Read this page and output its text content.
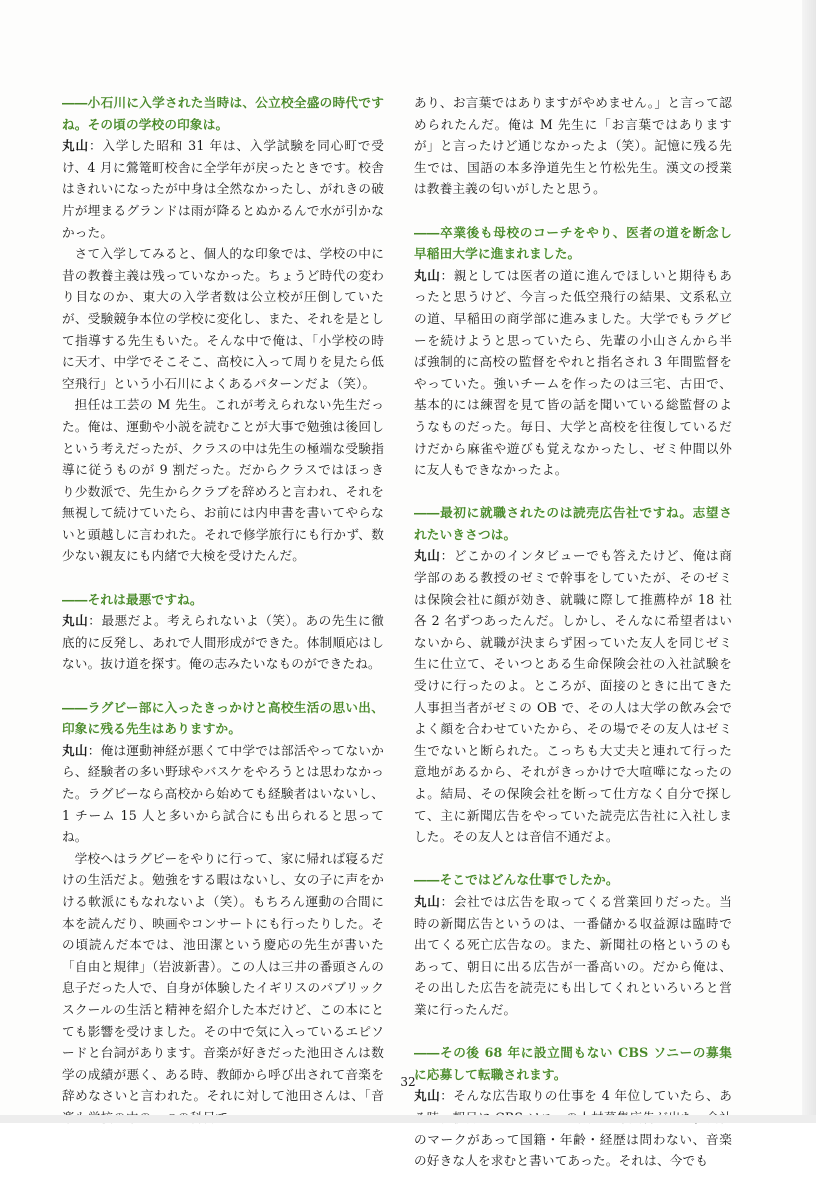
――小石川に入学された当時は、公立校全盛の時代ですね。その頃の学校の印象は。

丸山：入学した昭和 31 年は、入学試験を同心町で受け、4 月に鶯篭町校舎に全学年が戻ったときです。校舎はきれいになったが中身は全然なかったし、がれきの破片が埋まるグランドは雨が降るとぬかるんで水が引かなかった。

さて入学してみると、個人的な印象では、学校の中に昔の教養主義は残っていなかった。ちょうど時代の変わり目なのか、東大の入学者数は公立校が圧倒していたが、受験競争本位の学校に変化し、また、それを是として指導する先生もいた。そんな中で俺は、「小学校の時に天才、中学でそこそこ、高校に入って周りを見たら低空飛行」という小石川によくあるパターンだよ（笑）。

担任は工芸の M 先生。これが考えられない先生だった。俺は、運動や小説を読むことが大事で勉強は後回しという考えだったが、クラスの中は先生の極端な受験指導に従うものが 9 割だった。だからクラスではほっきり少数派で、先生からクラブを辞めろと言われ、それを無視して続けていたら、お前には内申書を書いてやらないと頭越しに言われた。それで修学旅行にも行かず、数少ない親友にも内緒で大検を受けたんだ。

――それは最悪ですね。

丸山：最悪だよ。考えられないよ（笑）。あの先生に徹底的に反発し、あれで人間形成ができた。体制順応はしない。抜け道を探す。俺の志みたいなものができたね。

――ラグビー部に入ったきっかけと高校生活の思い出、印象に残る先生はありますか。

丸山：俺は運動神経が悪くて中学では部活やってないから、経験者の多い野球やバスケをやろうとは思わなかった。ラグビーなら高校から始めても経験者はいないし、1 チーム 15 人と多いから試合にも出られると思ってね。

学校へはラグビーをやりに行って、家に帰れば寝るだけの生活だよ。勉強をする暇はないし、女の子に声をかける軟派にもなれないよ（笑）。もちろん運動の合間に本を読んだり、映画やコンサートにも行ったりした。その頃読んだ本では、池田潔という慶応の先生が書いた「自由と規律」（岩波新書）。この人は三井の番頭さんの息子だった人で、自身が体験したイギリスのパブリックスクールの生活と精神を紹介した本だけど、この本にとても影響を受けました。その中で気に入っているエピソードと台詞があります。音楽が好きだった池田さんは数学の成績が悪く、ある時、教師から呼び出されて音楽を辞めなさいと言われた。それに対して池田さんは、「音

あり、お言葉ではありますがやめません。」と言って認められたんだ。俺は M 先生に「お言葉ではありますが」と言ったけど通じなかったよ（笑）。記憶に残る先生では、国語の本多浄道先生と竹松先生。漢文の授業は教養主義の匂いがしたと思う。

――卒業後も母校のコーチをやり、医者の道を断念し早稲田大学に進まれました。

丸山：親としては医者の道に進んでほしいと期待もあったと思うけど、今言った低空飛行の結果、文系私立の道、早稲田の商学部に進みました。大学でもラグビーを続けようと思っていたら、先輩の小山さんから半ば強制的に高校の監督をやれと指名され 3 年間監督をやっていた。強いチームを作ったのは三宅、古田で、基本的には練習を見て皆の話を聞いている総監督のようなものだった。毎日、大学と高校を往復しているだけだから麻雀や遊びも覚えなかったし、ゼミ仲間以外に友人もできなかったよ。

――最初に就職されたのは読売広告社ですね。志望されたいきさつは。

丸山：どこかのインタビューでも答えたけど、俺は商学部のある教授のゼミで幹事をしていたが、そのゼミは保険会社に顔が効き、就職に際して推薦枠が 18 社各 2 名ずつあったんだ。しかし、そんなに希望者はいないから、就職が決まらず困っていた友人を同じゼミ生に仕立て、そいつとある生命保険会社の入社試験を受けに行ったのよ。ところが、面接のときに出てきた人事担当者がゼミの OB で、その人は大学の飲み会でよく顔を合わせていたから、その場でその友人はゼミ生でないと断られた。こっちも大丈夫と連れて行った意地があるから、それがきっかけで大喧嘩になったのよ。結局、その保険会社を断って仕方なく自分で探して、主に新聞広告をやっていた読売広告社に入社しました。その友人とは音信不通だよ。

――そこではどんな仕事でしたか。

丸山：会社では広告を取ってくる営業回りだった。当時の新聞広告というのは、一番儲かる収益源は臨時で出てくる死亡広告なの。また、新聞社の格というのもあって、朝日に出る広告が一番高いの。だから俺は、その出した広告を読売にも出してくれといろいろと営業に行ったんだ。

――その後 68 年に設立間もない CBS ソニーの募集に応募して転職されます。

丸山：そんな広告取りの仕事を 4 年位していたら、あ のマークがあって国籍・年齢・経歴は問わない、音楽の好きな人を求むと書いてあった。それは、今でも

32
